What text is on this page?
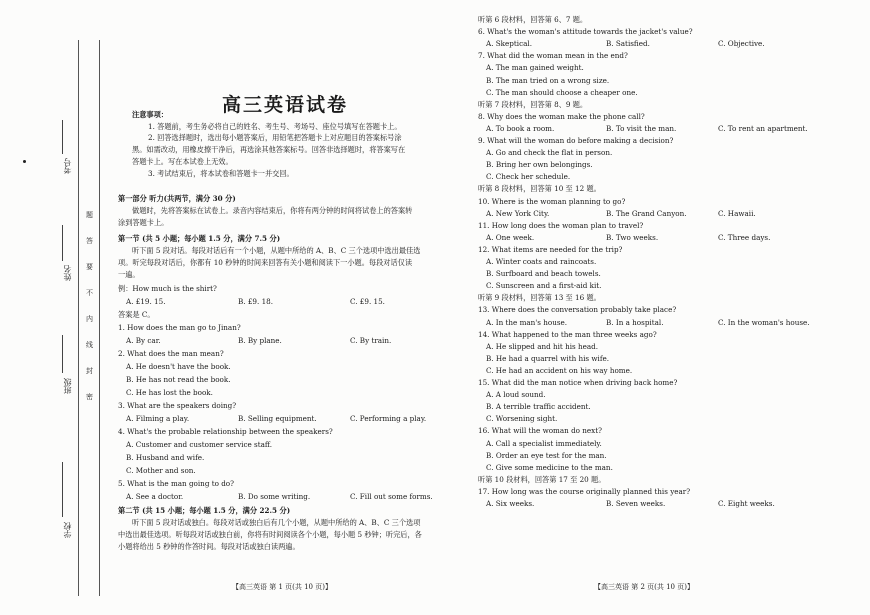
考号
姓名
班级
学校
题
答
要
不
内
线
封
密
高三英语试卷
注意事项：
1. 答题前，考生务必将自己的姓名、考生号、考场号、座位号填写在答题卡上。
2. 回答选择题时，选出每小题答案后，用铅笔把答题卡上对应题目的答案标号涂
黑。如需改动，用橡皮擦干净后，再选涂其他答案标号。回答非选择题时，将答案写在
答题卡上。写在本试卷上无效。
3. 考试结束后，将本试卷和答题卡一并交回。
第一部分 听力(共两节，满分 30 分)
做题时，先将答案标在试卷上。录音内容结束后，你将有两分钟的时间将试卷上的答案转
涂到答题卡上。
第一节 (共 5 小题；每小题 1.5 分，满分 7.5 分)
听下面 5 段对话。每段对话后有一个小题，从题中所给的 A、B、C 三个选项中选出最佳选
项。听完每段对话后，你都有 10 秒钟的时间来回答有关小题和阅读下一小题。每段对话仅读
一遍。
例：How much is the shirt?
A. £19. 15.	B. £9. 18.	C. £9. 15.
答案是 C。
1. How does the man go to Jinan?
A. By car.	B. By plane.	C. By train.
2. What does the man mean?
A. He doesn't have the book.
B. He has not read the book.
C. He has lost the book.
3. What are the speakers doing?
A. Filming a play.	B. Selling equipment.	C. Performing a play.
4. What's the probable relationship between the speakers?
A. Customer and customer service staff.
B. Husband and wife.
C. Mother and son.
5. What is the man going to do?
A. See a doctor.	B. Do some writing.	C. Fill out some forms.
第二节 (共 15 小题；每小题 1.5 分，满分 22.5 分)
听下面 5 段对话或独白。每段对话或独白后有几个小题，从题中所给的 A、B、C 三个选项
中选出最佳选项。听每段对话或独白前，你将有时间阅读各个小题，每小题 5 秒钟；听完后，各
小题将给出 5 秒钟的作答时间。每段对话或独白读两遍。
【高三英语 第 1 页(共 10 页)】
听第 6 段材料，回答第 6、7 题。
6. What's the woman's attitude towards the jacket's value?
A. Skeptical.	B. Satisfied.	C. Objective.
7. What did the woman mean in the end?
A. The man gained weight.
B. The man tried on a wrong size.
C. The man should choose a cheaper one.
听第 7 段材料，回答第 8、9 题。
8. Why does the woman make the phone call?
A. To book a room.	B. To visit the man.	C. To rent an apartment.
9. What will the woman do before making a decision?
A. Go and check the flat in person.
B. Bring her own belongings.
C. Check her schedule.
听第 8 段材料，回答第 10 至 12 题。
10. Where is the woman planning to go?
A. New York City.	B. The Grand Canyon.	C. Hawaii.
11. How long does the woman plan to travel?
A. One week.	B. Two weeks.	C. Three days.
12. What items are needed for the trip?
A. Winter coats and raincoats.
B. Surfboard and beach towels.
C. Sunscreen and a first-aid kit.
听第 9 段材料，回答第 13 至 16 题。
13. Where does the conversation probably take place?
A. In the man's house.	B. In a hospital.	C. In the woman's house.
14. What happened to the man three weeks ago?
A. He slipped and hit his head.
B. He had a quarrel with his wife.
C. He had an accident on his way home.
15. What did the man notice when driving back home?
A. A loud sound.
B. A terrible traffic accident.
C. Worsening sight.
16. What will the woman do next?
A. Call a specialist immediately.
B. Order an eye test for the man.
C. Give some medicine to the man.
听第 10 段材料，回答第 17 至 20 题。
17. How long was the course originally planned this year?
A. Six weeks.	B. Seven weeks.	C. Eight weeks.
【高三英语 第 2 页(共 10 页)】
